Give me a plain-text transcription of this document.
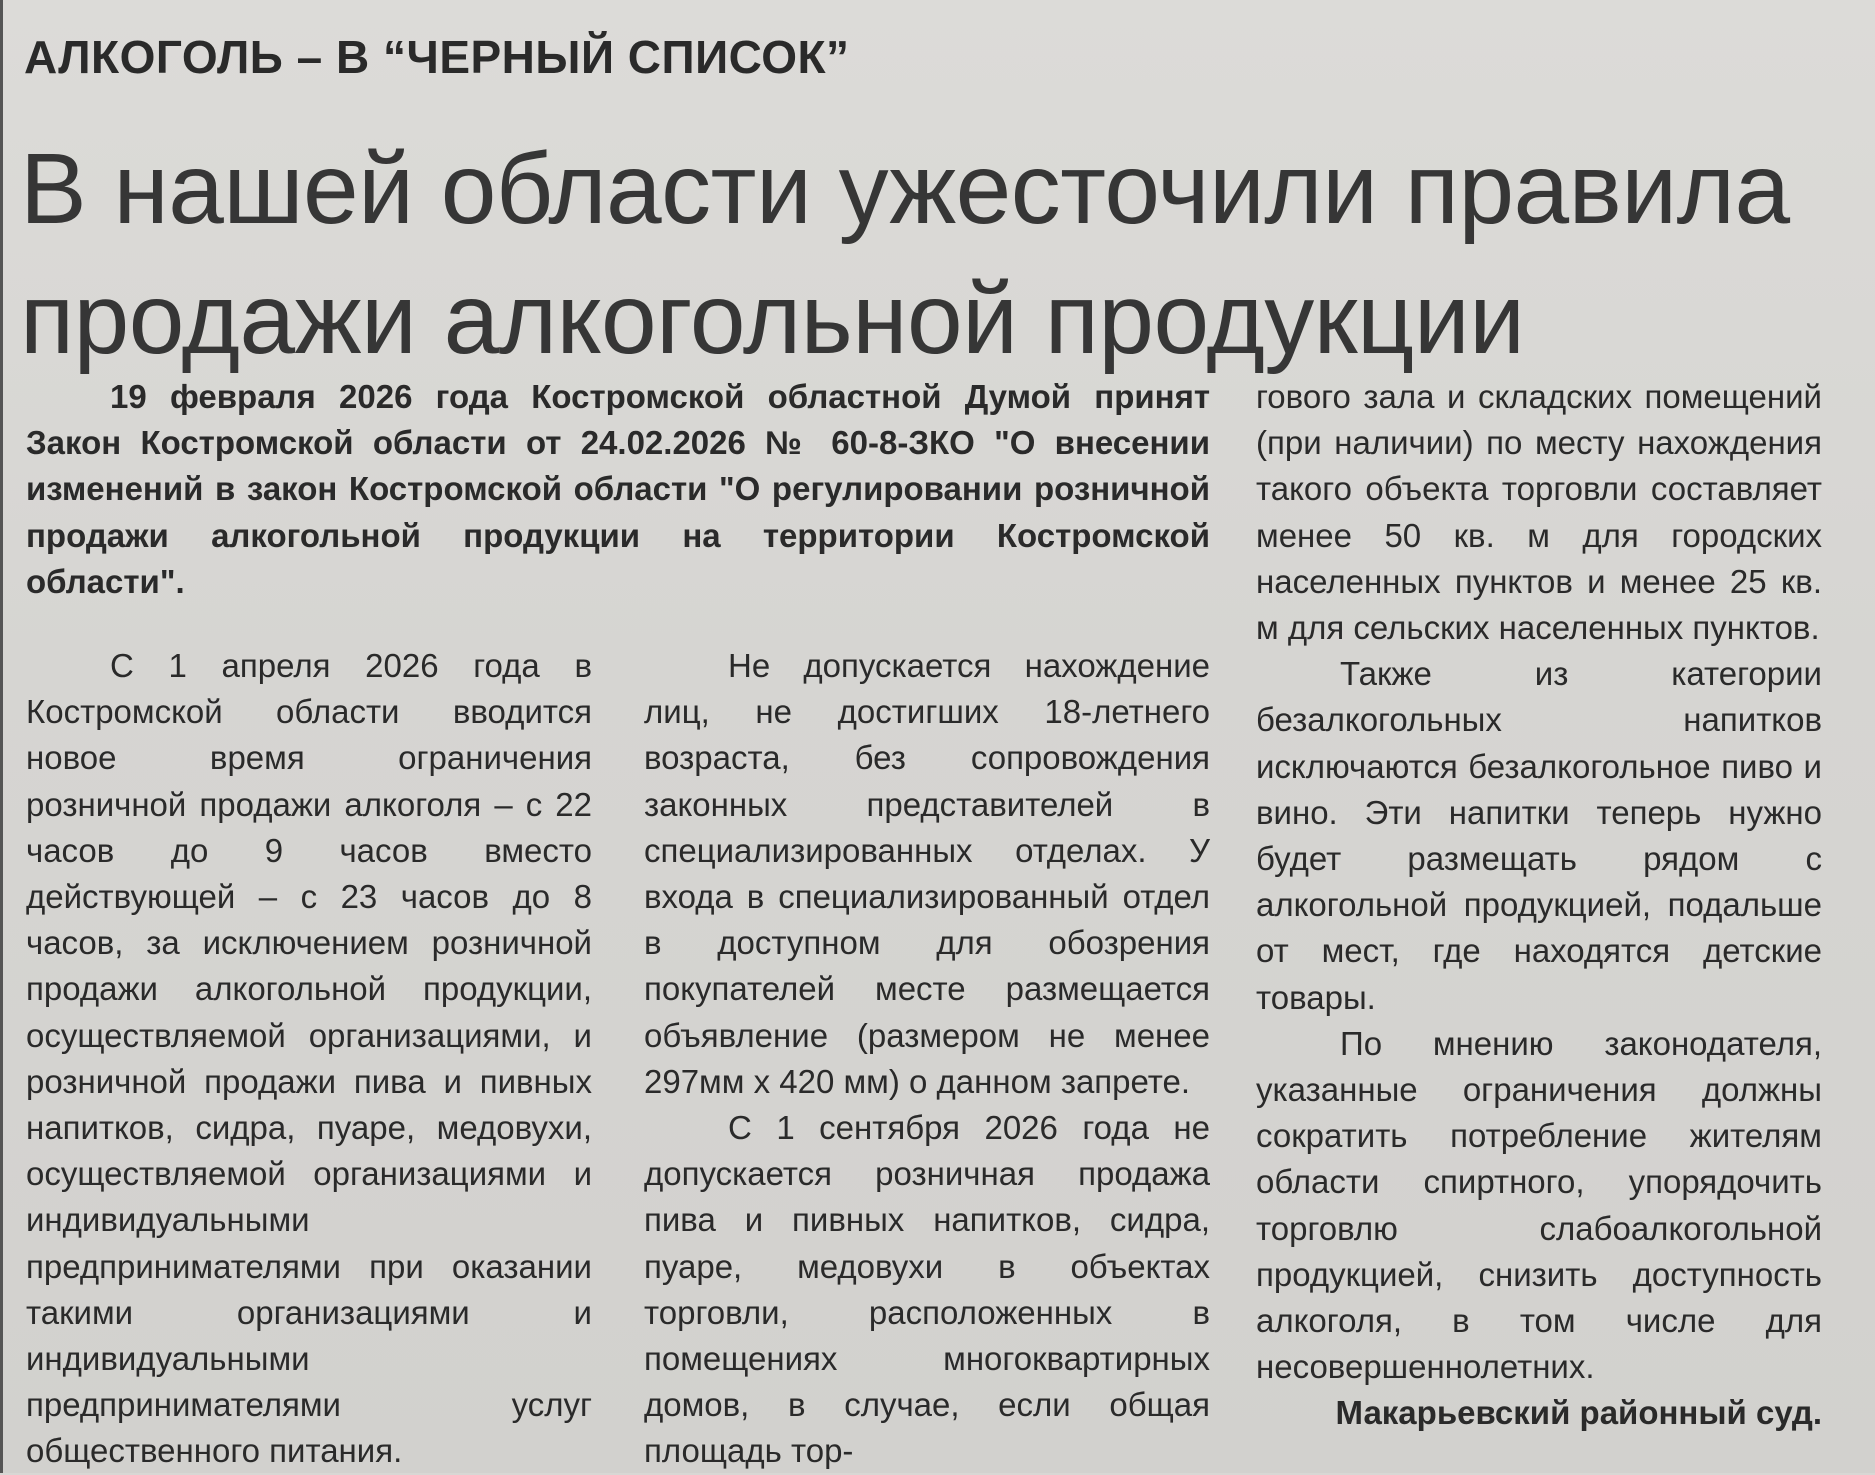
АЛКОГОЛЬ – В “ЧЕРНЫЙ СПИСОК”
В нашей области ужесточили правила
продажи алкогольной продукции

19 февраля 2026 года Костромской областной Думой принят Закон Костромской области от 24.02.2026 № 60-8-ЗКО "О внесении изменений в закон Костромской области "О регулировании розничной продажи алкогольной продукции на территории Костромской области".

С 1 апреля 2026 года в Костромской области вводится новое время ограничения розничной продажи алкоголя – с 22 часов до 9 часов вместо действующей – с 23 часов до 8 часов, за исключением розничной продажи алкогольной продукции, осуществляемой организациями, и розничной продажи пива и пивных напитков, сидра, пуаре, медовухи, осуществляемой организациями и индивидуальными предпринимателями при оказании такими организациями и индивидуальными предпринимателями услуг общественного питания.

Не допускается нахождение лиц, не достигших 18-летнего возраста, без сопровождения законных представителей в специализированных отделах. У входа в специализированный отдел в доступном для обозрения покупателей месте размещается объявление (размером не менее 297мм х 420 мм) о данном запрете.

С 1 сентября 2026 года не допускается розничная продажа пива и пивных напитков, сидра, пуаре, медовухи в объектах торговли, расположенных в помещениях многоквартирных домов, в случае, если общая площадь тор-

гового зала и складских помещений (при наличии) по месту нахождения такого объекта торговли составляет менее 50 кв. м для городских населенных пунктов и менее 25 кв. м для сельских населенных пунктов.

Также из категории безалкогольных напитков исключаются безалкогольное пиво и вино. Эти напитки теперь нужно будет размещать рядом с алкогольной продукцией, подальше от мест, где находятся детские товары.

По мнению законодателя, указанные ограничения должны сократить потребление жителям области спиртного, упорядочить торговлю слабоалкогольной продукцией, снизить доступность алкоголя, в том числе для несовершеннолетних.

Макарьевский районный суд.
